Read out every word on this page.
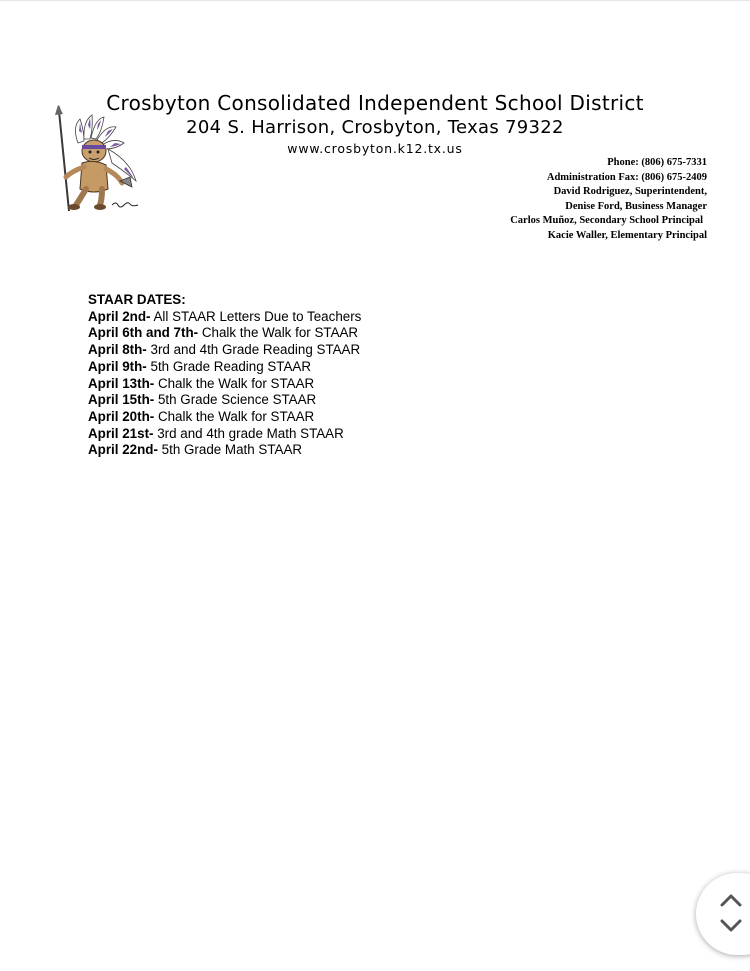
Crosbyton Consolidated Independent School District
204 S. Harrison, Crosbyton, Texas 79322
www.crosbyton.k12.tx.us
Phone: (806) 675-7331
Administration Fax: (806) 675-2409
David Rodriguez, Superintendent,
Denise Ford, Business Manager
Carlos Muñoz, Secondary School Principal
Kacie Waller, Elementary Principal
STAAR DATES:
April 2nd- All STAAR Letters Due to Teachers
April 6th and 7th- Chalk the Walk for STAAR
April 8th- 3rd and 4th Grade Reading STAAR
April 9th- 5th Grade Reading STAAR
April 13th- Chalk the Walk for STAAR
April 15th- 5th Grade Science STAAR
April 20th- Chalk the Walk for STAAR
April 21st- 3rd and 4th grade Math STAAR
April 22nd- 5th Grade Math STAAR
